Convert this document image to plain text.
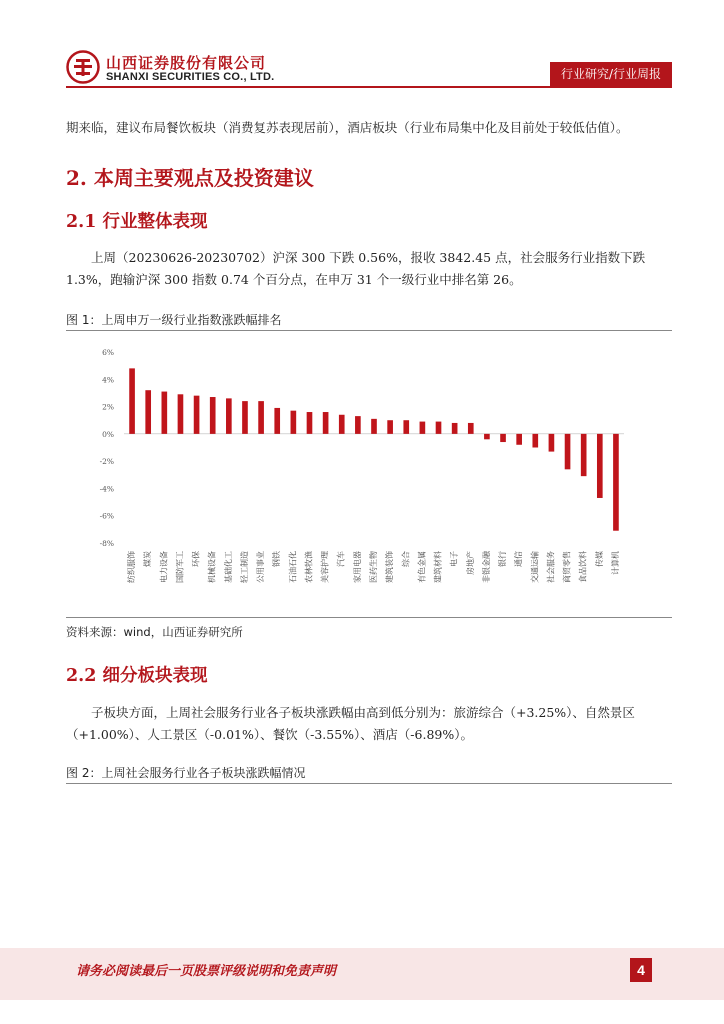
山西证券股份有限公司
SHANXI SECURITIES CO., LTD.	行业研究/行业周报
期来临，建议布局餐饮板块（消费复苏表现居前），酒店板块（行业布局集中化及目前处于较低估值）。
2. 本周主要观点及投资建议
2.1 行业整体表现
上周（20230626-20230702）沪深 300 下跌 0.56%，报收 3842.45 点，社会服务行业指数下跌 1.3%，跑输沪深 300 指数 0.74 个百分点，在申万 31 个一级行业中排名第 26。
图 1：上周申万一级行业指数涨跌幅排名
6%
4%
2%
0%
-2%
-4%
-6%
-8%
纺织服饰 煤炭 电力设备 国防军工 环保 机械设备 基础化工 轻工制造 公用事业 钢铁 石油石化 农林牧渔 美容护理 汽车 家用电器 医药生物 建筑装饰 综合 有色金属 建筑材料 电子 房地产 非银金融 银行 通信 交通运输 社会服务 商贸零售 食品饮料 传媒 计算机
资料来源：wind，山西证券研究所
2.2 细分板块表现
子板块方面，上周社会服务行业各子板块涨跌幅由高到低分别为：旅游综合（+3.25%）、自然景区（+1.00%）、人工景区（-0.01%）、餐饮（-3.55%）、酒店（-6.89%）。
图 2：上周社会服务行业各子板块涨跌幅情况
请务必阅读最后一页股票评级说明和免责声明	4
